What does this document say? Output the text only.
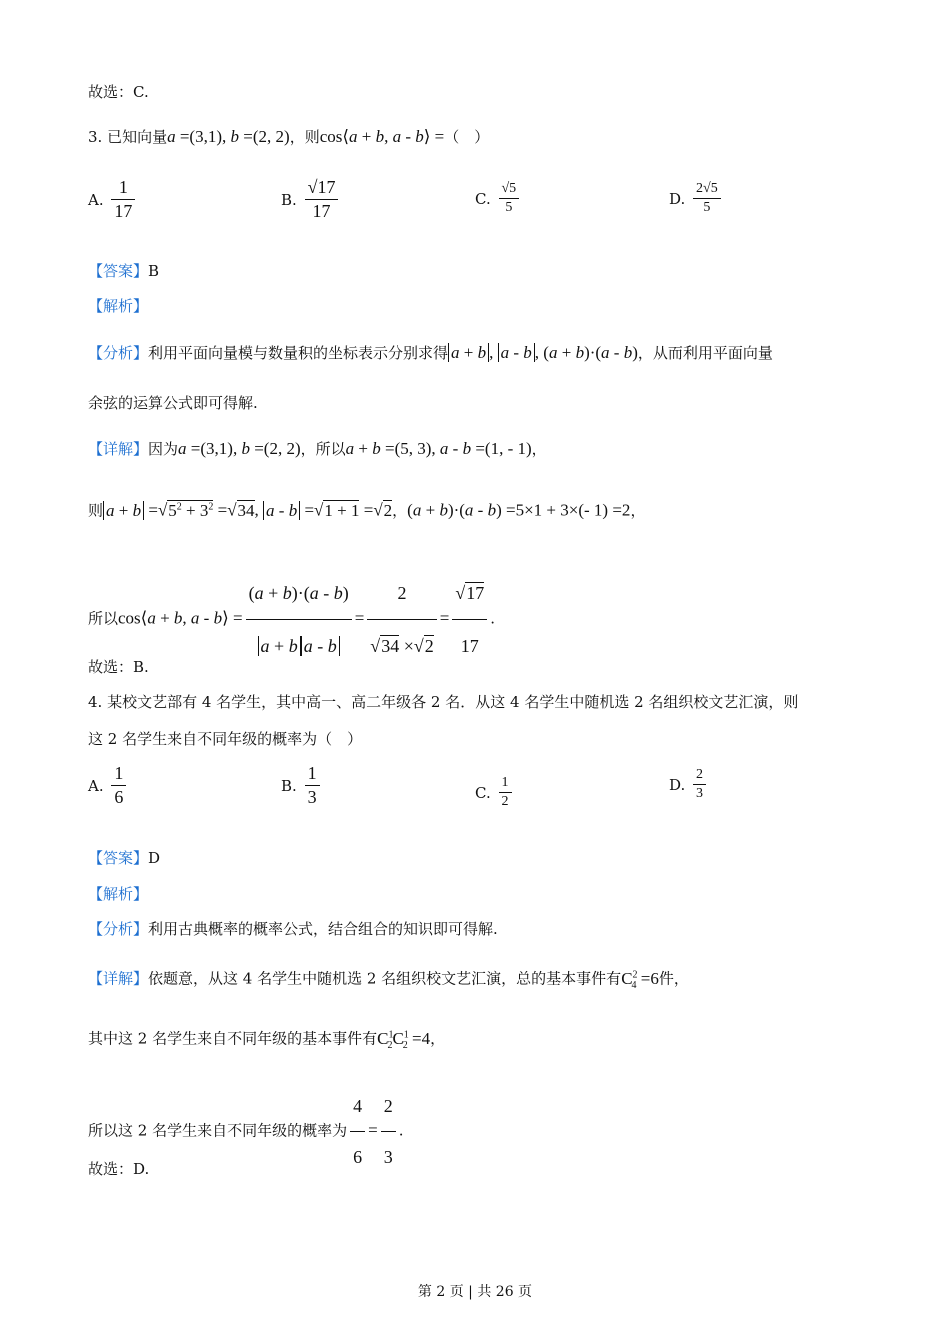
故选：C.
3. 已知向量a =(3,1), b =(2, 2)，则cos⟨a + b, a - b⟩ =（　）
A. $\frac{1}{17}$	B. $\frac{√17}{17}$	C. $\frac{√5}{5}$	D. $\frac{2√5}{5}$
【答案】B
【解析】
【分析】利用平面向量模与数量积的坐标表示分别求得 a + b , a - b , (a + b)·(a - b)，从而利用平面向量
余弦的运算公式即可得解.
【详解】因为a =(3,1), b =(2, 2)，所以a + b =(5, 3), a - b =(1, - 1)，
则 $a + b =√5^2 + 3^2 =√34$, a - b =√1 + 1 =√2，(a + b)·(a - b) =5×1 + 3×(- 1) =2，
所以cos⟨a + b, a - b⟩ = $\frac{(a + b)\cdot(a - b)}{\text{a + b a - b}} = \frac{2}{√34 \times√2} = \frac{√17}{17}$ .
故选：B.
4. 某校文艺部有 4 名学生，其中高一、高二年级各 2 名．从这 4 名学生中随机选 2 名组织校文艺汇演，则
这 2 名学生来自不同年级的概率为（　）
A. $\frac{1}{6}$	B. $\frac{1}{3}$	C. $\frac{1}{2}$	D. $\frac{2}{3}$
【答案】D
【解析】
【分析】利用古典概率的概率公式，结合组合的知识即可得解.
【详解】依题意，从这 4 名学生中随机选 2 名组织校文艺汇演，总的基本事件有$C^2_4 =6$件，
其中这 2 名学生来自不同年级的基本事件有$C^1_2C^1_2 =4$，
所以这 2 名学生来自不同年级的概率为 $\frac{4}{6} = \frac{2}{3}$ .
故选：D.
第 2 页 | 共 26 页
